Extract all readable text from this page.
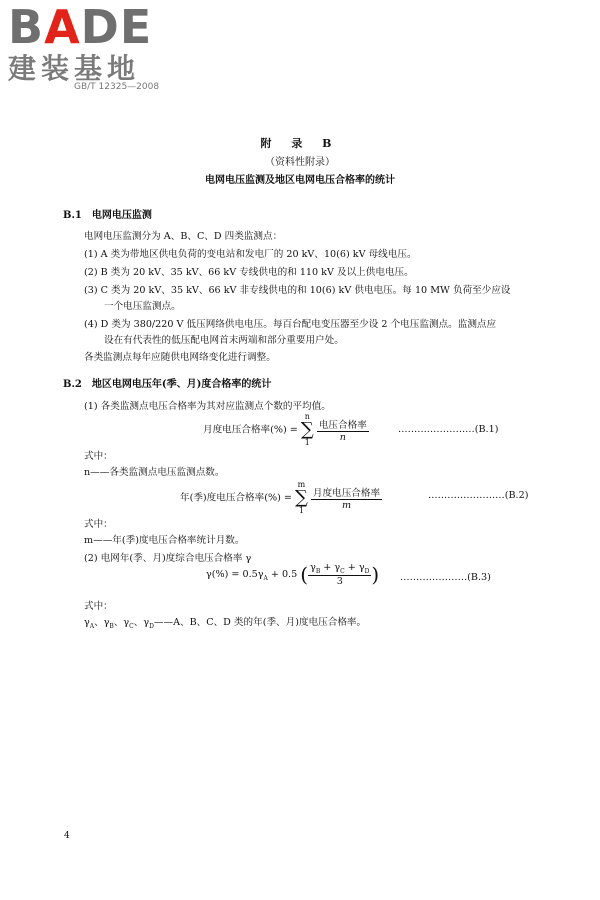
BADE
建装基地
GB/T 12325—2008
附 录 B
（资料性附录）
电网电压监测及地区电网电压合格率的统计
B.1　电网电压监测
电网电压监测分为 A、B、C、D 四类监测点：
(1) A 类为带地区供电负荷的变电站和发电厂的 20 kV、10(6) kV 母线电压。
(2) B 类为 20 kV、35 kV、66 kV 专线供电的和 110 kV 及以上供电电压。
(3) C 类为 20 kV、35 kV、66 kV 非专线供电的和 10(6) kV 供电电压。每 10 MW 负荷至少应设
一个电压监测点。
(4) D 类为 380/220 V 低压网络供电电压。每百台配电变压器至少设 2 个电压监测点。监测点应
设在有代表性的低压配电网首末两端和部分重要用户处。
各类监测点每年应随供电网络变化进行调整。
B.2　地区电网电压年(季、月)度合格率的统计
(1) 各类监测点电压合格率为其对应监测点个数的平均值。
月度电压合格率(%) = n
∑
$1 \frac{\text{电压合格率}}{n}$	……………………(B.1)
式中：
n——各类监测点电压监测点数。
年(季)度电压合格率(%) = m
∑
$1 \frac{\text{月度电压合格率}}{m}$	……………………(B.2)
式中：
m——年(季)度电压合格率统计月数。
(2) 电网年(季、月)度综合电压合格率 γ
$\gamma(\%) = 0.5\gamma_A + 0.5$ ( $\frac{\gamma_B + \gamma_C + \gamma_D}{3}$ ) …………………(B.3)
式中：
$\gamma_A$、$\gamma_B$、$\gamma_C$、$\gamma_D——A$、B、C、D 类的年(季、月)度电压合格率。
4
